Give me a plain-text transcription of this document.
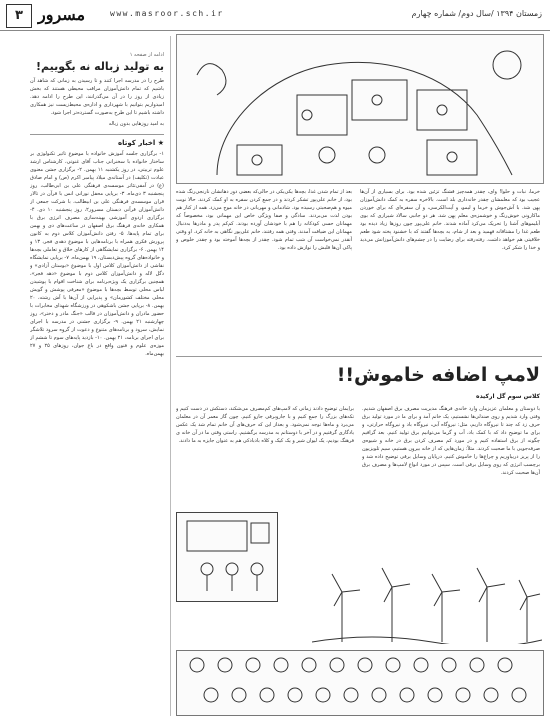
۳ مسرور	www.masroor.sch.ir	زمستان ۱۳۹۴ /سال دوم/ شماره چهارم
ادامه از صفحه ۱
به تولید زباله نه بگوییم!
طرح را در مدرسه اجرا کنند و تا رسیدن به زمانی که شاهد آن باشیم که تمام دانش‌آموزان مراقب محیطی هستند که بخش زیادی از روز را در آن می‌گذرانند، این طرح را ادامه دهد. امیدواریم بتوانیم با شهرداری و اداره‌ی محیط‌زیست نیز همکاری داشته باشیم تا این طرح به‌صورت گسترده‌تر اجرا شود.
به امید روزهایی بدون زباله
★ اخبار کوتاه
۱- برگزاری جلسه آموزش خانواده با موضوع تاثیر تکنولوژی بر ساختار خانواده با سخنرانی جناب آقای غنوتی، کارشناس ارشد علوم تربیتی، در روز یکشنبه ۱۱ بهمن. ۲- برگزاری جشن معنوی عبادت (تکلیف) در آستانه‌ی میلاد پیامبر اکرم (ص) و امام صادق (ع) در آمفی‌تئاتر موسسه‌ی فرهنگی علی بن ابی‌طالب، روز پنجشنبه ۳ دی‌ماه. ۳- برپایی محفل نورانی انس با قرآن در تالار قران موسسه‌ی فرهنگی علی بن ابیطالب، با شرکت جمعی از دانش‌آموزان قرآنی دبستان مسرور۲، روز پنجشنبه ۱۰ دی. ۴- برگزاری اردوی آموزشی بهینه‌سازی مصرف انرژی برق با همکاری خانه‌ی فرهنگ برق اصفهان در ساعت‌های دی و بهمن برای تمام پایه‌ها. ۵- رفتن دانش‌آموزان کلاس دوم به کانون پرورش فکری همراه با برنامه‌هایی با موضوع دهه‌ی فجر، ۱۳ و ۱۴ بهمن. ۶- برگزاری نمایشگاهی از کارهای خلاق و تعاملی بچه‌ها و خانواده‌های گروه پیش‌دبستان، ۱۹ بهمن‌ماه. ۷- برپایی نمایشگاه نقاشی از دانش‌آموزان کلاس اول با موضوع «بوستان آزادی» و دگل لاله و دانش‌آموزان کلاس دوم با موضوع «دهه فجر»، همچنین برگزاری یک ویژه‌برنامه برای شناخت اقوام با پوشیدن لباس محلی توسط بچه‌ها با موضوع «معرفی پوشش و گویش محلی مختلف کشورمان» و پذیرایی از آن‌ها با آش رشته، ۲۰ بهمن. ۸- برپایی جشن باشکوهی در ورزشگاه شهدای مخابرات با حضور مادران و دانش‌آموزان در قالب «جنگ مادر و دختر»، روز چهارشنبه ۲۱ بهمن. ۹- برگزاری جشنی در مدرسه با اجرای نمایش، سرود و برنامه‌های متنوع و دعوت از گروه سرود تلاشگر برای اجرای برنامه، ۲۱ بهمن. ۱۰- بازدید پایه‌های سوم تا ششم از موزه‌ی علوم و فنون واقع در باغ جوان، روزهای ۲۵ و ۲۷ بهمن‌ماه.
خرما، نبات و حلوا! وای، چقدر همه‌چیز قشنگ تزئین شده بود. برای بسیاری از آن‌ها عجیب بود که معلمشان چقدر خانه‌داری بلد است. بالاخره سفره به کمک دانش‌آموزان پهن شد. با آش‌جوش و خرما و لیمو، و آیت‌الکرسی، و آن سفره‌ای که برای خوردن ماکارونی خوش‌رنگ و خوشمزه‌ی معلم پهن شد. هر دو جانبی سالاد شیرازی که بوی آبلیموهای آشنا را تحریک می‌کرد آماده شدند. خانم علی‌پور چون روزها زیاد دیده بود طعم غذا را مشتاقانه فهمید و بعد از شام، به بچه‌ها گفتند که با خشنود پخته شود طعم خلاقیتی هم خواهد داشت. رفته‌رفته برای رضایت را در چشم‌های دانش‌آموزانش می‌دید و خدا را شکر کرد.
بعد از تمام شدن غذا، بچه‌ها یکی‌یکی در حالی‌که بعضی دور دهانشان نارنجی‌رنگ شده بود، از خانم علی‌پور تشکر کردند و در جمع کردن سفره به او کمک کردند. حالا نوبت میوه و هم‌صحبتی رسیده بود. شادمانی و مهربانی در خانه موج می‌زد. همه از کنار هم بودن لذت می‌بردند. سادگی و صفا ویژگی خاص این مهمانی بود، مخصوصاً که مهمانان حسی کودکانه را هم با خودشان آورده بودند. کم‌کم پدر و مادرها به‌دنبال مهمانان این ضیافت آمدند. وقتی همه رفتند، خانم علی‌پور نگاهی به خانه کرد. او وقتی آنقدر نمی‌خواست آن شب تمام شود. چقدر از بچه‌ها آموخته بود و چقدر خلوص و پاکی آن‌ها قلبش را نوازش داده بود.
لامپ اضافه خاموش!!
کلاس سوم گل ارکیده
با دوستان و معلمان عزیزمان وارد خانه‌ی فرهنگ مدیریت مصرف برق اصفهان شدیم. وقتی وارد شدیم و روی صندلی‌ها نشستیم، یک خانم آمد و برای ما در مورد تولید برق حرف زد که چند تا نیروگاه داریم، مثل: نیروگاه آبی، نیروگاه باد و نیروگاه حرارتی، و برای ما توضیح داد که با کمک باد، آب و گرما می‌توانیم برق تولید کنیم. بعد گرافیم چگونه از برق استفاده کنیم و در مورد کم مصرف کردن برق در خانه و شیوه‌ی صرفه‌جویی با ما صحبت کردند. مثلاً: زمان‌هایی که از خانه بیرون هستیم، سیم تلویزیون را از پریز دربیاوریم و چراغ‌ها را خاموش کنیم. درپایان وسایل برقی توضیح داده شد و برچسب انرژی که روی وسایل برقی است. سپس در مورد انواع لامپ‌ها و مصرف برق آن‌ها صحبت کردند.
برایمان توضیح دادند زمانی که لامپ‌های کم‌مصرف می‌شکند، دستکش در دست کنیم و تکه‌های بزرگ را جمع کنیم و با جاروبرقی جارو کنیم. چون گاز معمر آن در معلمان می‌برد و ماه‌ها توجه نمی‌شود. و بعداز این که حرف‌های آن خانم تمام شد یک عکس یادگاری گرفتیم و در آخر با دوستانم به مدرسه برگشتیم. راستی وقتی ما در آن خانه ی فرهنگ بودیم، یک لیوان شیر و یک کیک و کلاه بادبادکی هم به عنوان جایزه به ما دادند.
